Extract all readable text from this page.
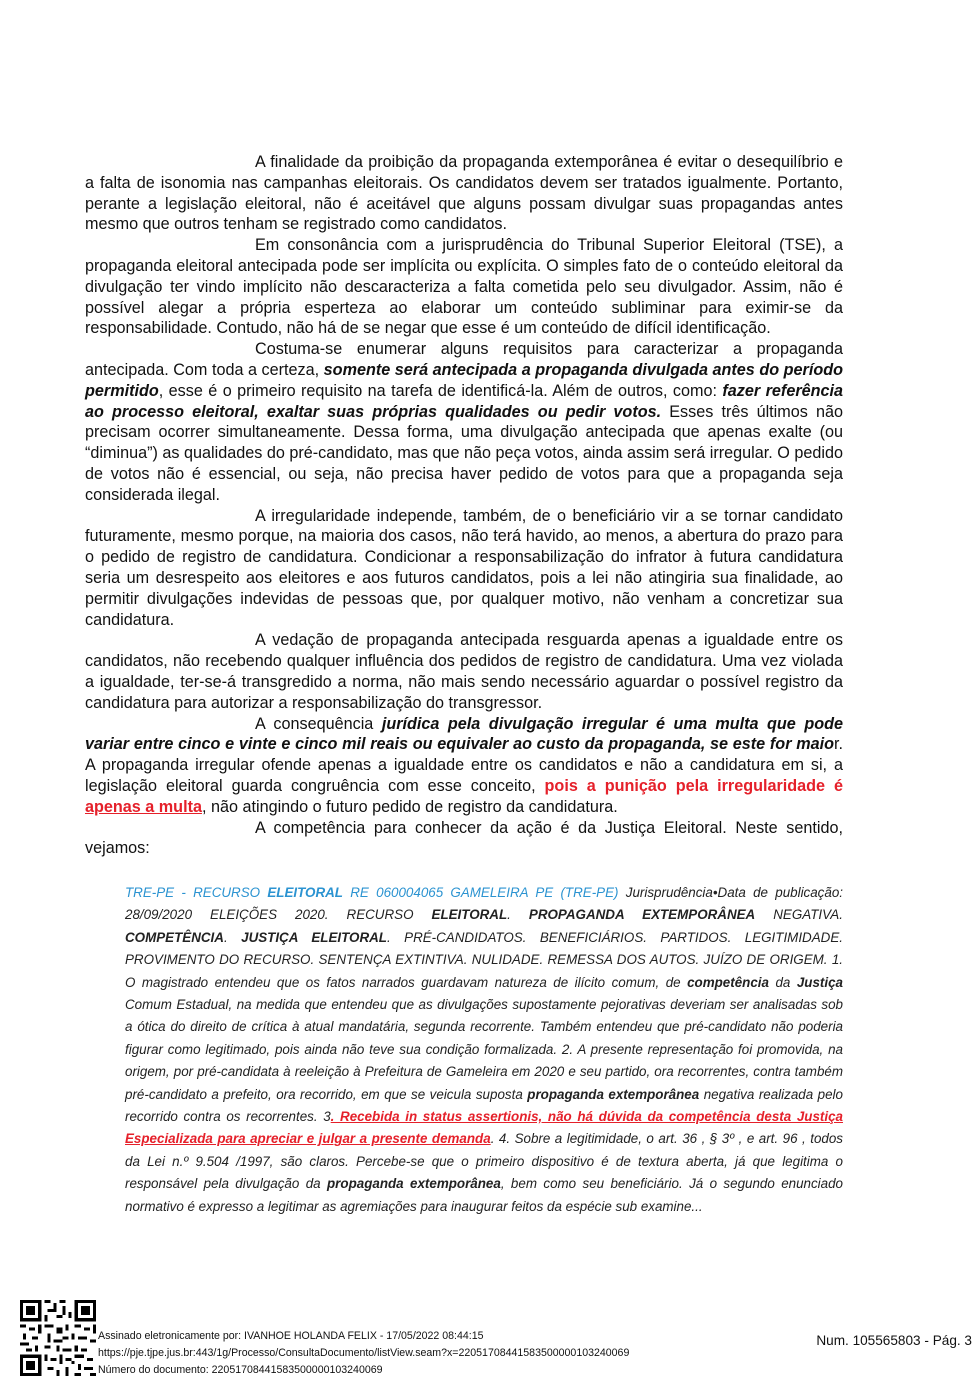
A finalidade da proibição da propaganda extemporânea é evitar o desequilíbrio e a falta de isonomia nas campanhas eleitorais. Os candidatos devem ser tratados igualmente. Portanto, perante a legislação eleitoral, não é aceitável que alguns possam divulgar suas propagandas antes mesmo que outros tenham se registrado como candidatos.

Em consonância com a jurisprudência do Tribunal Superior Eleitoral (TSE), a propaganda eleitoral antecipada pode ser implícita ou explícita. O simples fato de o conteúdo eleitoral da divulgação ter vindo implícito não descaracteriza a falta cometida pelo seu divulgador. Assim, não é possível alegar a própria esperteza ao elaborar um conteúdo subliminar para eximir-se da responsabilidade. Contudo, não há de se negar que esse é um conteúdo de difícil identificação.

Costuma-se enumerar alguns requisitos para caracterizar a propaganda antecipada. Com toda a certeza, somente será antecipada a propaganda divulgada antes do período permitido, esse é o primeiro requisito na tarefa de identificá-la. Além de outros, como: fazer referência ao processo eleitoral, exaltar suas próprias qualidades ou pedir votos. Esses três últimos não precisam ocorrer simultaneamente. Dessa forma, uma divulgação antecipada que apenas exalte (ou “diminua”) as qualidades do pré-candidato, mas que não peça votos, ainda assim será irregular. O pedido de votos não é essencial, ou seja, não precisa haver pedido de votos para que a propaganda seja considerada ilegal.

A irregularidade independe, também, de o beneficiário vir a se tornar candidato futuramente, mesmo porque, na maioria dos casos, não terá havido, ao menos, a abertura do prazo para o pedido de registro de candidatura. Condicionar a responsabilização do infrator à futura candidatura seria um desrespeito aos eleitores e aos futuros candidatos, pois a lei não atingiria sua finalidade, ao permitir divulgações indevidas de pessoas que, por qualquer motivo, não venham a concretizar sua candidatura.

A vedação de propaganda antecipada resguarda apenas a igualdade entre os candidatos, não recebendo qualquer influência dos pedidos de registro de candidatura. Uma vez violada a igualdade, ter-se-á transgredido a norma, não mais sendo necessário aguardar o possível registro da candidatura para autorizar a responsabilização do transgressor.

A consequência jurídica pela divulgação irregular é uma multa que pode variar entre cinco e vinte e cinco mil reais ou equivaler ao custo da propaganda, se este for maior. A propaganda irregular ofende apenas a igualdade entre os candidatos e não a candidatura em si, a legislação eleitoral guarda congruência com esse conceito, pois a punição pela irregularidade é apenas a multa, não atingindo o futuro pedido de registro da candidatura.

A competência para conhecer da ação é da Justiça Eleitoral. Neste sentido, vejamos:

TRE-PE - RECURSO ELEITORAL RE 060004065 GAMELEIRA PE (TRE-PE) Jurisprudência•Data de publicação: 28/09/2020 ELEIÇÕES 2020. RECURSO ELEITORAL. PROPAGANDA EXTEMPORÂNEA NEGATIVA. COMPETÊNCIA. JUSTIÇA ELEITORAL. PRÉ-CANDIDATOS. BENEFICIÁRIOS. PARTIDOS. LEGITIMIDADE. PROVIMENTO DO RECURSO. SENTENÇA EXTINTIVA. NULIDADE. REMESSA DOS AUTOS. JUÍZO DE ORIGEM. 1. O magistrado entendeu que os fatos narrados guardavam natureza de ilícito comum, de competência da Justiça Comum Estadual, na medida que entendeu que as divulgações supostamente pejorativas deveriam ser analisadas sob a ótica do direito de crítica à atual mandatária, segunda recorrente. Também entendeu que pré-candidato não poderia figurar como legitimado, pois ainda não teve sua condição formalizada. 2. A presente representação foi promovida, na origem, por pré-candidata à reeleição à Prefeitura de Gameleira em 2020 e seu partido, ora recorrentes, contra também pré-candidato a prefeito, ora recorrido, em que se veicula suposta propaganda extemporânea negativa realizada pelo recorrido contra os recorrentes. 3. Recebida in status assertionis, não há dúvida da competência desta Justiça Especializada para apreciar e julgar a presente demanda. 4. Sobre a legitimidade, o art. 36 , § 3º , e art. 96 , todos da Lei n.º 9.504 /1997, são claros. Percebe-se que o primeiro dispositivo é de textura aberta, já que legitima o responsável pela divulgação da propaganda extemporânea, bem como seu beneficiário. Já o segundo enunciado normativo é expresso a legitimar as agremiações para inaugurar feitos da espécie sub examine...
Assinado eletronicamente por: IVANHOE HOLANDA FELIX - 17/05/2022 08:44:15
https://pje.tjpe.jus.br:443/1g/Processo/ConsultaDocumento/listView.seam?x=22051708441583500000103240069
Número do documento: 22051708441583500000103240069
Num. 105565803 - Pág. 3
